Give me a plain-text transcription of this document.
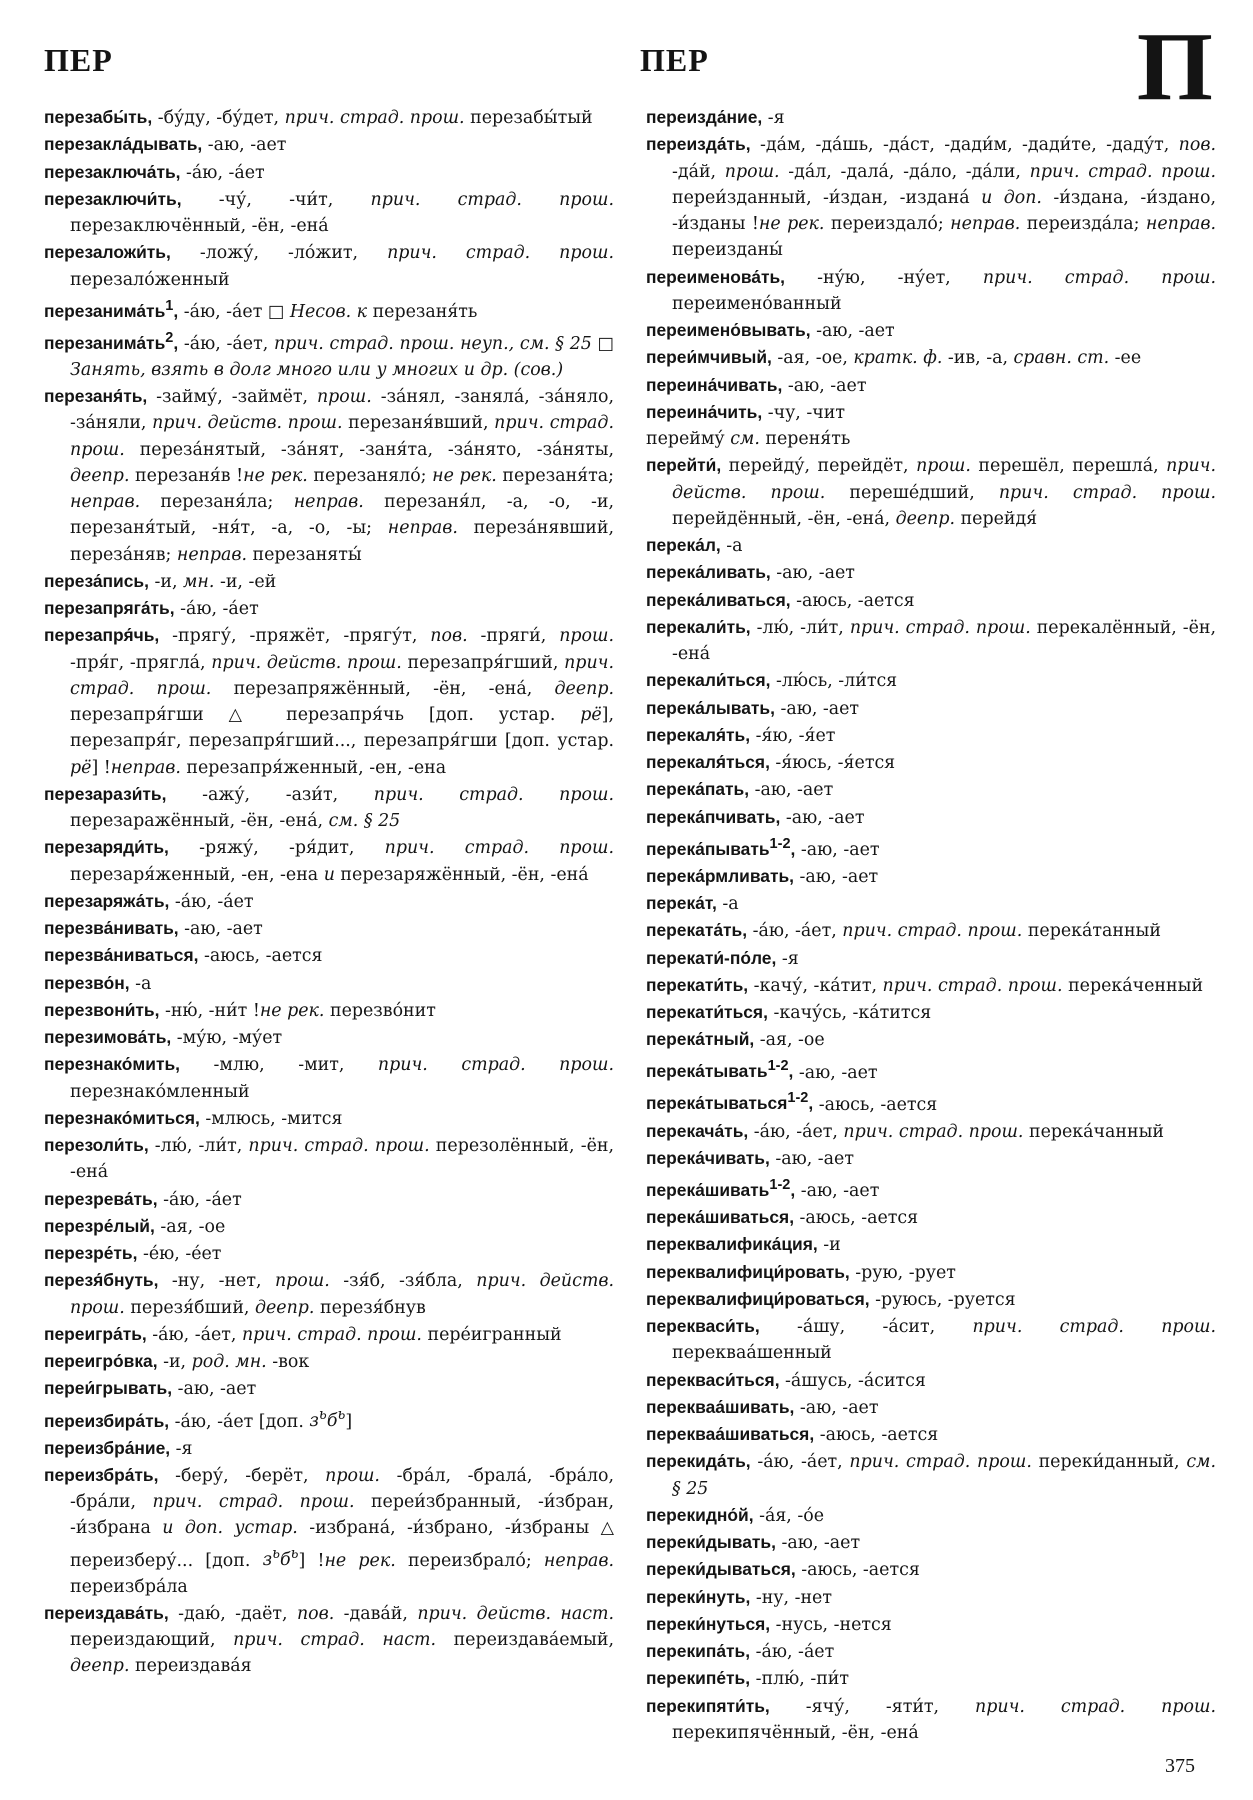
ПЕР	ПЕР	П
перезабы́ть, -бу́ду, -бу́дет, прич. страд. прош. перезабы́тый
перезакла́дывать, -аю, -ает
перезаключа́ть, -а́ю, -а́ет
перезаключи́ть, -чу́, -чи́т, прич. страд. прош. перезаключённый, -ён, -ена́
перезаложи́ть, -ложу́, -ло́жит, прич. страд. прош. перезало́женный
$перезанима́ть^1$, -а́ю, -а́ет □ Несов. к перезаня́ть
$перезанима́ть^2$, -а́ю, -а́ет, прич. страд. прош. неуп., см. § 25 □ Занять, взять в долг много или у многих и др. (сов.)
перезаня́ть, -займу́, -займёт, прош. -за́нял, -заняла́, -за́няло, -за́няли, прич. действ. прош. перезаня́вший, прич. страд. прош. перeза́нятый, -за́нят, -заня́та, -за́нято, -за́няты, деепр. перезаня́в !не рек. перезаняло́; не рек. перезаня́та; неправ. перeзаня́ла; неправ. перезаня́л, -а, -о, -и, перезаня́тый, -ня́т, -а, -о, -ы; неправ. перeза́нявший, перeза́няв; неправ. перезаняты́
переза́пись, -и, мн. -и, -ей
перезапряга́ть, -а́ю, -а́ет
перезапря́чь, -прягу́, -пряжёт, -прягу́т, пов. -пряги́, прош. -пря́г, -прягла́, прич. действ. прош. перезапря́гший, прич. страд. прош. перезапряжённый, -ён, -ена́, деепр. перезапря́гши △ перезапря́чь [доп. устар. рё], перезапря́г, перезапря́гший..., перезапря́гши [доп. устар. рё] !неправ. перезапря́женный, -ен, -ена
перезарази́ть, -ажу́, -ази́т, прич. страд. прош. перезаражённый, -ён, -ена́, см. § 25
перезаряди́ть, -ряжу́, -ря́дит, прич. страд. прош. перезаря́женный, -ен, -ена и перезаряжённый, -ён, -ена́
перезаряжа́ть, -а́ю, -а́ет
перезва́нивать, -аю, -ает
перезва́ниваться, -аюсь, -ается
перезво́н, -а
перезвони́ть, -ню́, -ни́т !не рек. перезво́нит
перезимова́ть, -му́ю, -му́ет
перезнако́мить, -млю, -мит, прич. страд. прош. перезнако́мленный
перезнако́миться, -млюсь, -мится
перезоли́ть, -лю́, -ли́т, прич. страд. прош. перезолённый, -ён, -ена́
перезрева́ть, -а́ю, -а́ет
перезре́лый, -ая, -ое
перезре́ть, -е́ю, -е́ет
перезя́бнуть, -ну, -нет, прош. -зя́б, -зя́бла, прич. действ. прош. перезя́бший, деепр. перезя́бнув
переигра́ть, -а́ю, -а́ет, прич. страд. прош. пере́игранный
переигро́вка, -и, род. мн. -вок
переи́грывать, -аю, -ает
переизбира́ть, -а́ю, -а́ет [доп. $з^ьб^ь$]
переизбра́ние, -я
переизбра́ть, -беру́, -берёт, прош. -бра́л, -брала́, -бра́ло, -бра́ли, прич. страд. прош. переи́збранный, -и́збран, -и́збрана и доп. устар. -избрана́, -и́збрано, -и́збраны △ переизберу́... [доп. $з^ьб^ь$] !не рек. переизбрало́; неправ. переизбра́ла
переиздава́ть, -даю́, -даёт, пов. -дава́й, прич. действ. наст. переиздающий, прич. страд. наст. переиздава́емый, деепр. переиздава́я
переизда́ние, -я
переизда́ть, -да́м, -да́шь, -да́ст, -дади́м, -дади́те, -даду́т, пов. -да́й, прош. -да́л, -дала́, -да́ло, -да́ли, прич. страд. прош. переи́зданный, -и́здан, -издана́ и доп. -и́здана, -и́здано, -и́зданы !не рек. переиздало́; неправ. переизда́ла; неправ. переизданы́
переименова́ть, -ну́ю, -ну́ет, прич. страд. прош. переимено́ванный
переимено́вывать, -аю, -ает
переи́мчивый, -ая, -ое, кратк. ф. -ив, -а, сравн. ст. -ее
переина́чивать, -аю, -ает
переина́чить, -чу, -чит
перейму́ см. переня́ть
перейти́, перейду́, перейдёт, прош. перешёл, перешла́, прич. действ. прош. переше́дший, прич. страд. прош. перейдённый, -ён, -ена́, деепр. перейдя́
перека́л, -а
перека́ливать, -аю, -ает
перека́ливаться, -аюсь, -ается
перекали́ть, -лю́, -ли́т, прич. страд. прош. перекалённый, -ён, -ена́
перекали́ться, -лю́сь, -ли́тся
перека́лывать, -аю, -ает
перекаля́ть, -я́ю, -я́ет
перекаля́ться, -я́юсь, -я́ется
перека́пать, -аю, -ает
перека́пчивать, -аю, -ает
перека́пывать$^{1-2}$, -аю, -ает
перека́рмливать, -аю, -ает
перека́т, -а
переката́ть, -а́ю, -а́ет, прич. страд. прош. перека́танный
перекати́-по́ле, -я
перекати́ть, -качу́, -ка́тит, прич. страд. прош. перека́ченный
перекати́ться, -качу́сь, -ка́тится
перека́тный, -ая, -ое
перека́тывать$^{1-2}$, -аю, -ает
перека́тываться$^{1-2}$, -аюсь, -ается
перекача́ть, -а́ю, -а́ет, прич. страд. прош. перека́чанный
перека́чивать, -аю, -ает
перека́шивать$^{1-2}$, -аю, -ает
перека́шиваться, -аюсь, -ается
переквалифика́ция, -и
переквалифици́ровать, -рую, -рует
переквалифици́роваться, -руюсь, -руется
перекваси́ть, -а́шу, -а́сит, прич. страд. прош. перекваа́шенный
перекваси́ться, -а́шусь, -а́сится
перекваа́шивать, -аю, -ает
перекваа́шиваться, -аюсь, -ается
перекида́ть, -а́ю, -а́ет, прич. страд. прош. переки́данный, см. § 25
перекидно́й, -а́я, -о́е
переки́дывать, -аю, -ает
переки́дываться, -аюсь, -ается
переки́нуть, -ну, -нет
переки́нуться, -нусь, -нется
перекипа́ть, -а́ю, -а́ет
перекипе́ть, -плю́, -пи́т
перекипяти́ть, -ячу́, -яти́т, прич. страд. прош. перекипячённый, -ён, -ена́
375
